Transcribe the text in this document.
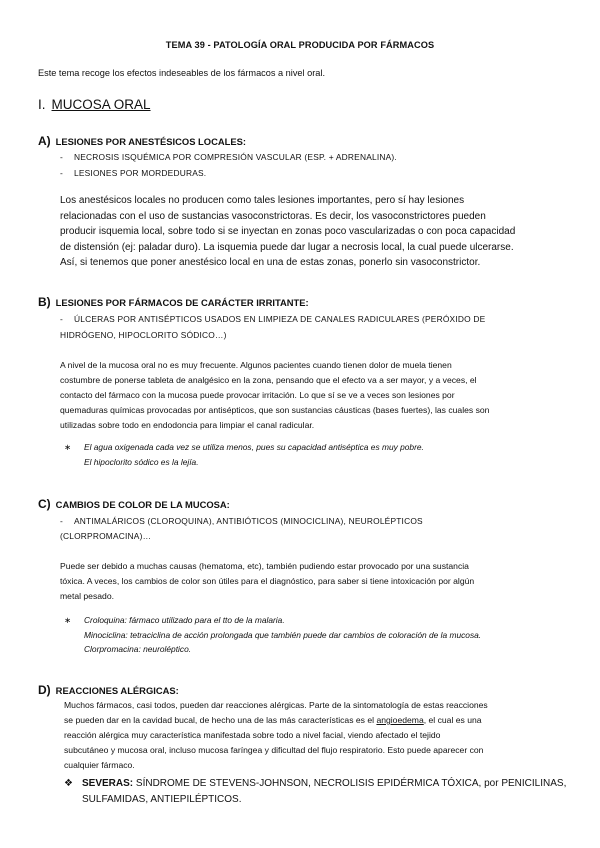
TEMA 39 - PATOLOGÍA ORAL PRODUCIDA POR FÁRMACOS
Este tema recoge los efectos indeseables de los fármacos a nivel oral.
I. MUCOSA ORAL
A) LESIONES POR ANESTÉSICOS LOCALES:
- NECROSIS ISQUÉMICA POR COMPRESIÓN VASCULAR (ESP. + ADRENALINA).
- LESIONES POR MORDEDURAS.
Los anestésicos locales no producen como tales lesiones importantes, pero sí hay lesiones
relacionadas con el uso de sustancias vasoconstrictoras. Es decir, los vasoconstrictores pueden
producir isquemia local, sobre todo si se inyectan en zonas poco vascularizadas o con poca capacidad
de distensión (ej: paladar duro). La isquemia puede dar lugar a necrosis local, la cual puede ulcerarse.
Así, si tenemos que poner anestésico local en una de estas zonas, ponerlo sin vasoconstrictor.
B) LESIONES POR FÁRMACOS DE CARÁCTER IRRITANTE:
- ÚLCERAS POR ANTISÉPTICOS USADOS EN LIMPIEZA DE CANALES RADICULARES (PERÓXIDO DE
HIDRÓGENO, HIPOCLORITO SÓDICO…)
A nivel de la mucosa oral no es muy frecuente. Algunos pacientes cuando tienen dolor de muela tienen
costumbre de ponerse tableta de analgésico en la zona, pensando que el efecto va a ser mayor, y a veces, el
contacto del fármaco con la mucosa puede provocar irritación. Lo que sí se ve a veces son lesiones por
quemaduras químicas provocadas por antisépticos, que son sustancias cáusticas (bases fuertes), las cuales son
utilizadas sobre todo en endodoncia para limpiar el canal radicular.
∗ El agua oxigenada cada vez se utiliza menos, pues su capacidad antiséptica es muy pobre.
El hipoclorito sódico es la lejía.
C) CAMBIOS DE COLOR DE LA MUCOSA:
- ANTIMALÁRICOS (CLOROQUINA), ANTIBIÓTICOS (MINOCICLINA), NEUROLÉPTICOS
(CLORPROMACINA)…
Puede ser debido a muchas causas (hematoma, etc), también pudiendo estar provocado por una sustancia
tóxica. A veces, los cambios de color son útiles para el diagnóstico, para saber si tiene intoxicación por algún
metal pesado.
∗ Croloquina: fármaco utilizado para el tto de la malaria.
Minociclina: tetraciclina de acción prolongada que también puede dar cambios de coloración de la mucosa.
Clorpromacina: neuroléptico.
D) REACCIONES ALÉRGICAS:
Muchos fármacos, casi todos, pueden dar reacciones alérgicas. Parte de la sintomatología de estas reacciones
se pueden dar en la cavidad bucal, de hecho una de las más características es el angioedema, el cual es una
reacción alérgica muy característica manifestada sobre todo a nivel facial, viendo afectado el tejido
subcutáneo y mucosa oral, incluso mucosa faríngea y dificultad del flujo respiratorio. Esto puede aparecer con
cualquier fármaco.
❖ SEVERAS: SÍNDROME DE STEVENS-JOHNSON, NECROLISIS EPIDÉRMICA TÓXICA, por PENICILINAS,
SULFAMIDAS, ANTIEPILÉPTICOS.
